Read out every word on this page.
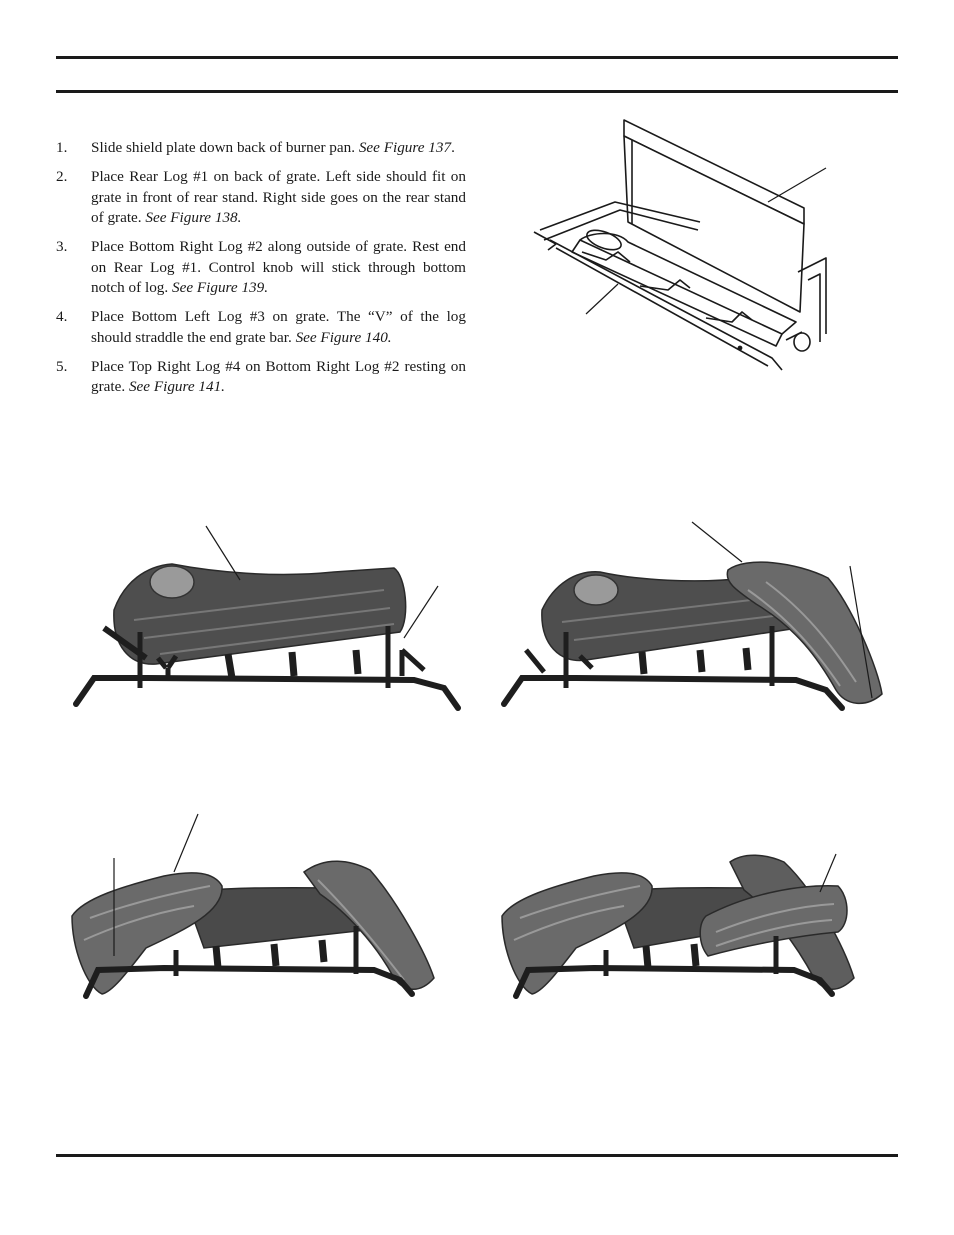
1. Slide shield plate down back of burner pan. See Figure 137.
2. Place Rear Log #1 on back of grate. Left side should fit on grate in front of rear stand. Right side goes on the rear stand of grate. See Figure 138.
3. Place Bottom Right Log #2 along outside of grate. Rest end on Rear Log #1. Control knob will stick through bottom notch of log. See Figure 139.
4. Place Bottom Left Log #3 on grate. The “V” of the log should straddle the end grate bar. See Figure 140.
5. Place Top Right Log #4 on Bottom Right Log #2 resting on grate. See Figure 141.
